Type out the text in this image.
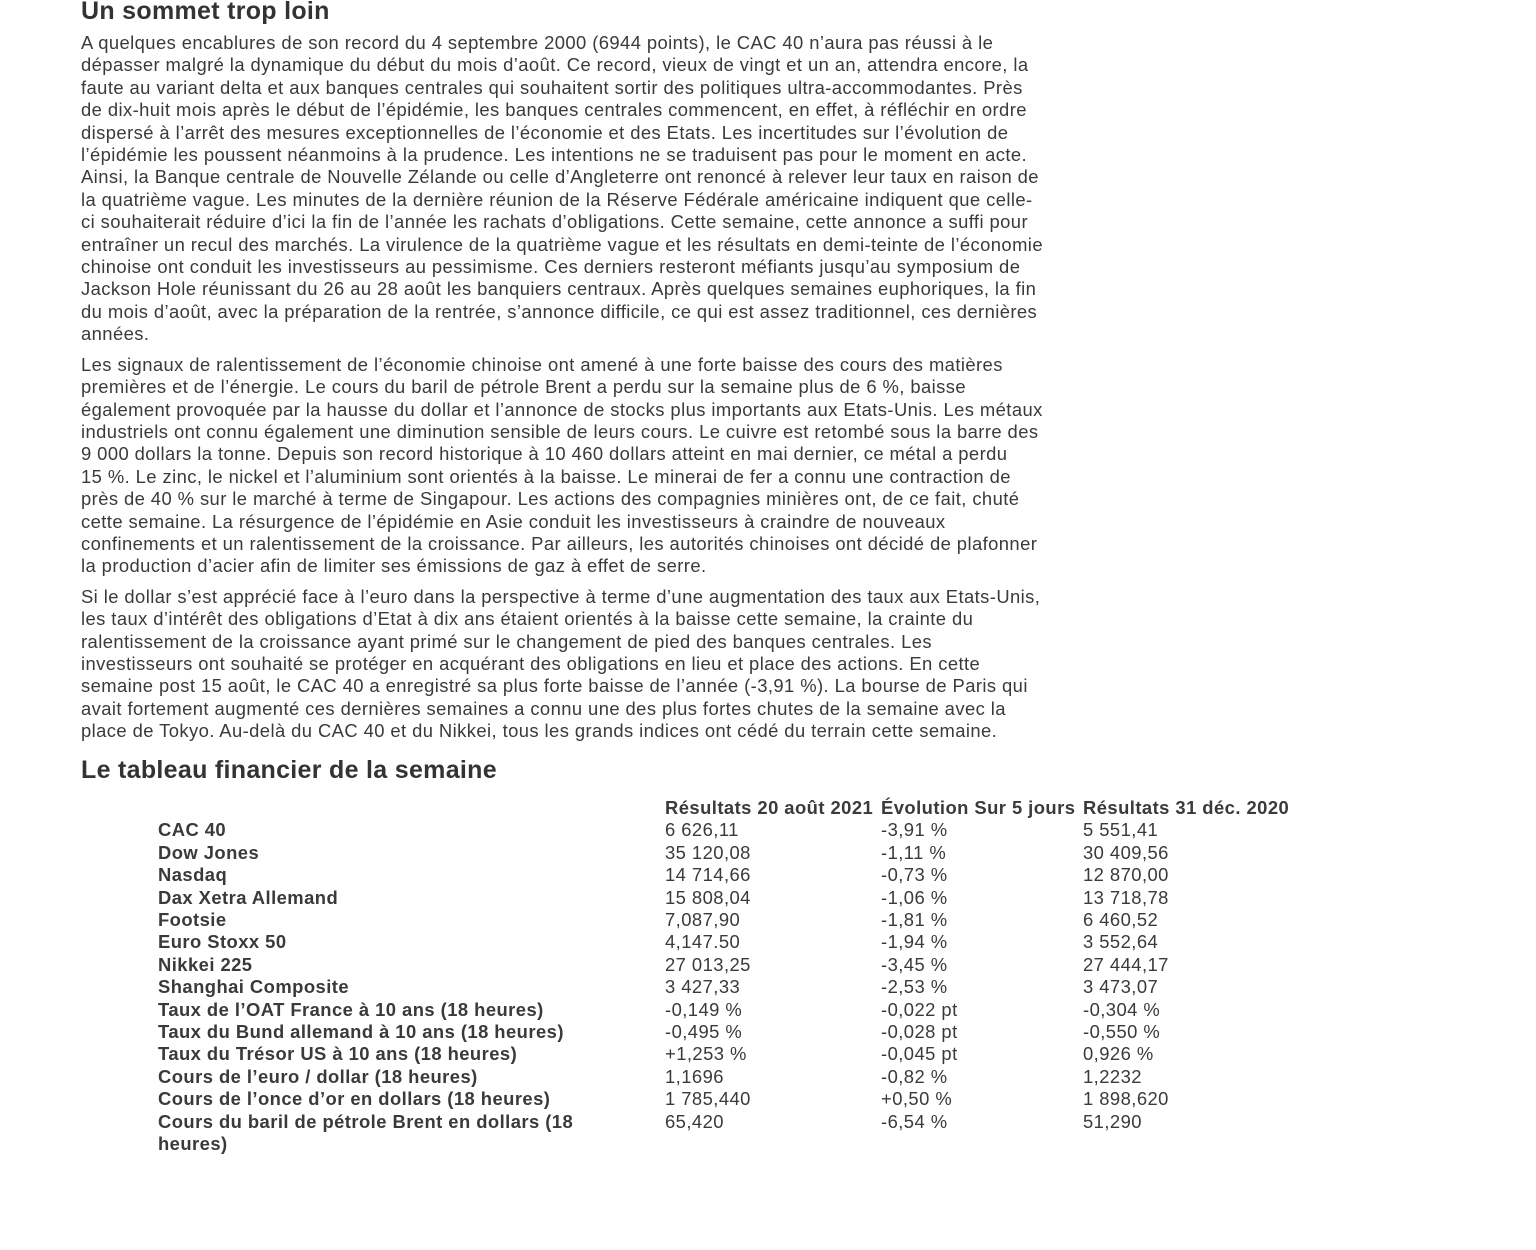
Un sommet trop loin

A quelques encablures de son record du 4 septembre 2000 (6944 points), le CAC 40 n’aura pas réussi à le
dépasser malgré la dynamique du début du mois d’août. Ce record, vieux de vingt et un an, attendra encore, la
faute au variant delta et aux banques centrales qui souhaitent sortir des politiques ultra-accommodantes. Près
de dix-huit mois après le début de l’épidémie, les banques centrales commencent, en effet, à réfléchir en ordre
dispersé à l’arrêt des mesures exceptionnelles de l’économie et des Etats. Les incertitudes sur l’évolution de
l’épidémie les poussent néanmoins à la prudence. Les intentions ne se traduisent pas pour le moment en acte.
Ainsi, la Banque centrale de Nouvelle Zélande ou celle d’Angleterre ont renoncé à relever leur taux en raison de
la quatrième vague. Les minutes de la dernière réunion de la Réserve Fédérale américaine indiquent que celle-
ci souhaiterait réduire d’ici la fin de l’année les rachats d’obligations. Cette semaine, cette annonce a suffi pour
entraîner un recul des marchés. La virulence de la quatrième vague et les résultats en demi-teinte de l’économie
chinoise ont conduit les investisseurs au pessimisme. Ces derniers resteront méfiants jusqu’au symposium de
Jackson Hole réunissant du 26 au 28 août les banquiers centraux. Après quelques semaines euphoriques, la fin
du mois d’août, avec la préparation de la rentrée, s’annonce difficile, ce qui est assez traditionnel, ces dernières
années.

Les signaux de ralentissement de l’économie chinoise ont amené à une forte baisse des cours des matières
premières et de l’énergie. Le cours du baril de pétrole Brent a perdu sur la semaine plus de 6 %, baisse
également provoquée par la hausse du dollar et l’annonce de stocks plus importants aux Etats-Unis. Les métaux
industriels ont connu également une diminution sensible de leurs cours. Le cuivre est retombé sous la barre des
9 000 dollars la tonne. Depuis son record historique à 10 460 dollars atteint en mai dernier, ce métal a perdu
15 %. Le zinc, le nickel et l’aluminium sont orientés à la baisse. Le minerai de fer a connu une contraction de
près de 40 % sur le marché à terme de Singapour. Les actions des compagnies minières ont, de ce fait, chuté
cette semaine. La résurgence de l’épidémie en Asie conduit les investisseurs à craindre de nouveaux
confinements et un ralentissement de la croissance. Par ailleurs, les autorités chinoises ont décidé de plafonner
la production d’acier afin de limiter ses émissions de gaz à effet de serre.

Si le dollar s’est apprécié face à l’euro dans la perspective à terme d’une augmentation des taux aux Etats-Unis,
les taux d’intérêt des obligations d’Etat à dix ans étaient orientés à la baisse cette semaine, la crainte du
ralentissement de la croissance ayant primé sur le changement de pied des banques centrales. Les
investisseurs ont souhaité se protéger en acquérant des obligations en lieu et place des actions. En cette
semaine post 15 août, le CAC 40 a enregistré sa plus forte baisse de l’année (-3,91 %). La bourse de Paris qui
avait fortement augmenté ces dernières semaines a connu une des plus fortes chutes de la semaine avec la
place de Tokyo. Au-delà du CAC 40 et du Nikkei, tous les grands indices ont cédé du terrain cette semaine.

Le tableau financier de la semaine
	Résultats 20 août 2021	Évolution Sur 5 jours	Résultats 31 déc. 2020

CAC 40	6 626,11	-3,91 %	5 551,41

Dow Jones	35 120,08	-1,11 %	30 409,56

Nasdaq	14 714,66	-0,73 %	12 870,00

Dax Xetra Allemand	15 808,04	-1,06 %	13 718,78

Footsie	7,087,90	-1,81 %	6 460,52

Euro Stoxx 50	4,147.50	-1,94 %	3 552,64

Nikkei 225	27 013,25	-3,45 %	27 444,17

Shanghai Composite	3 427,33	-2,53 %	3 473,07

Taux de l’OAT France à 10 ans (18 heures)	-0,149 %	-0,022 pt	-0,304 %

Taux du Bund allemand à 10 ans (18 heures)	-0,495 %	-0,028 pt	-0,550 %

Taux du Trésor US à 10 ans (18 heures)	+1,253 %	-0,045 pt	0,926 %

Cours de l’euro / dollar (18 heures)	1,1696	-0,82 %	1,2232

Cours de l’once d’or en dollars (18 heures)	1 785,440	+0,50 %	1 898,620

Cours du baril de pétrole Brent en dollars (18 heures)	65,420	-6,54 %	51,290
